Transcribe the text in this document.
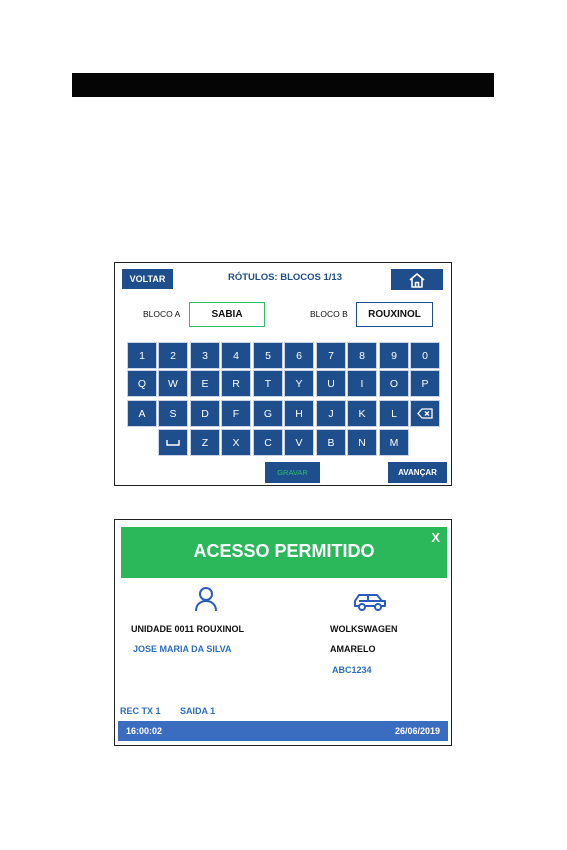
VOLTAR	RÓTULOS: BLOCOS 1/13
BLOCO A	SABIA	BLOCO B	ROUXINOL
1	2	3	4	5	6	7	8	9	0
Q	W	E	R	T	Y	U	I	O	P
A	S	D	F	G	H	J	K	L
Z	X	C	V	B	N	M
GRAVAR	AVANÇAR
ACESSO PERMITIDO
X
UNIDADE 0011 ROUXINOL
JOSE MARIA DA SILVA
WOLKSWAGEN
AMARELO
ABC1234
REC TX 1 SAIDA 1
16:00:02	26/06/2019
